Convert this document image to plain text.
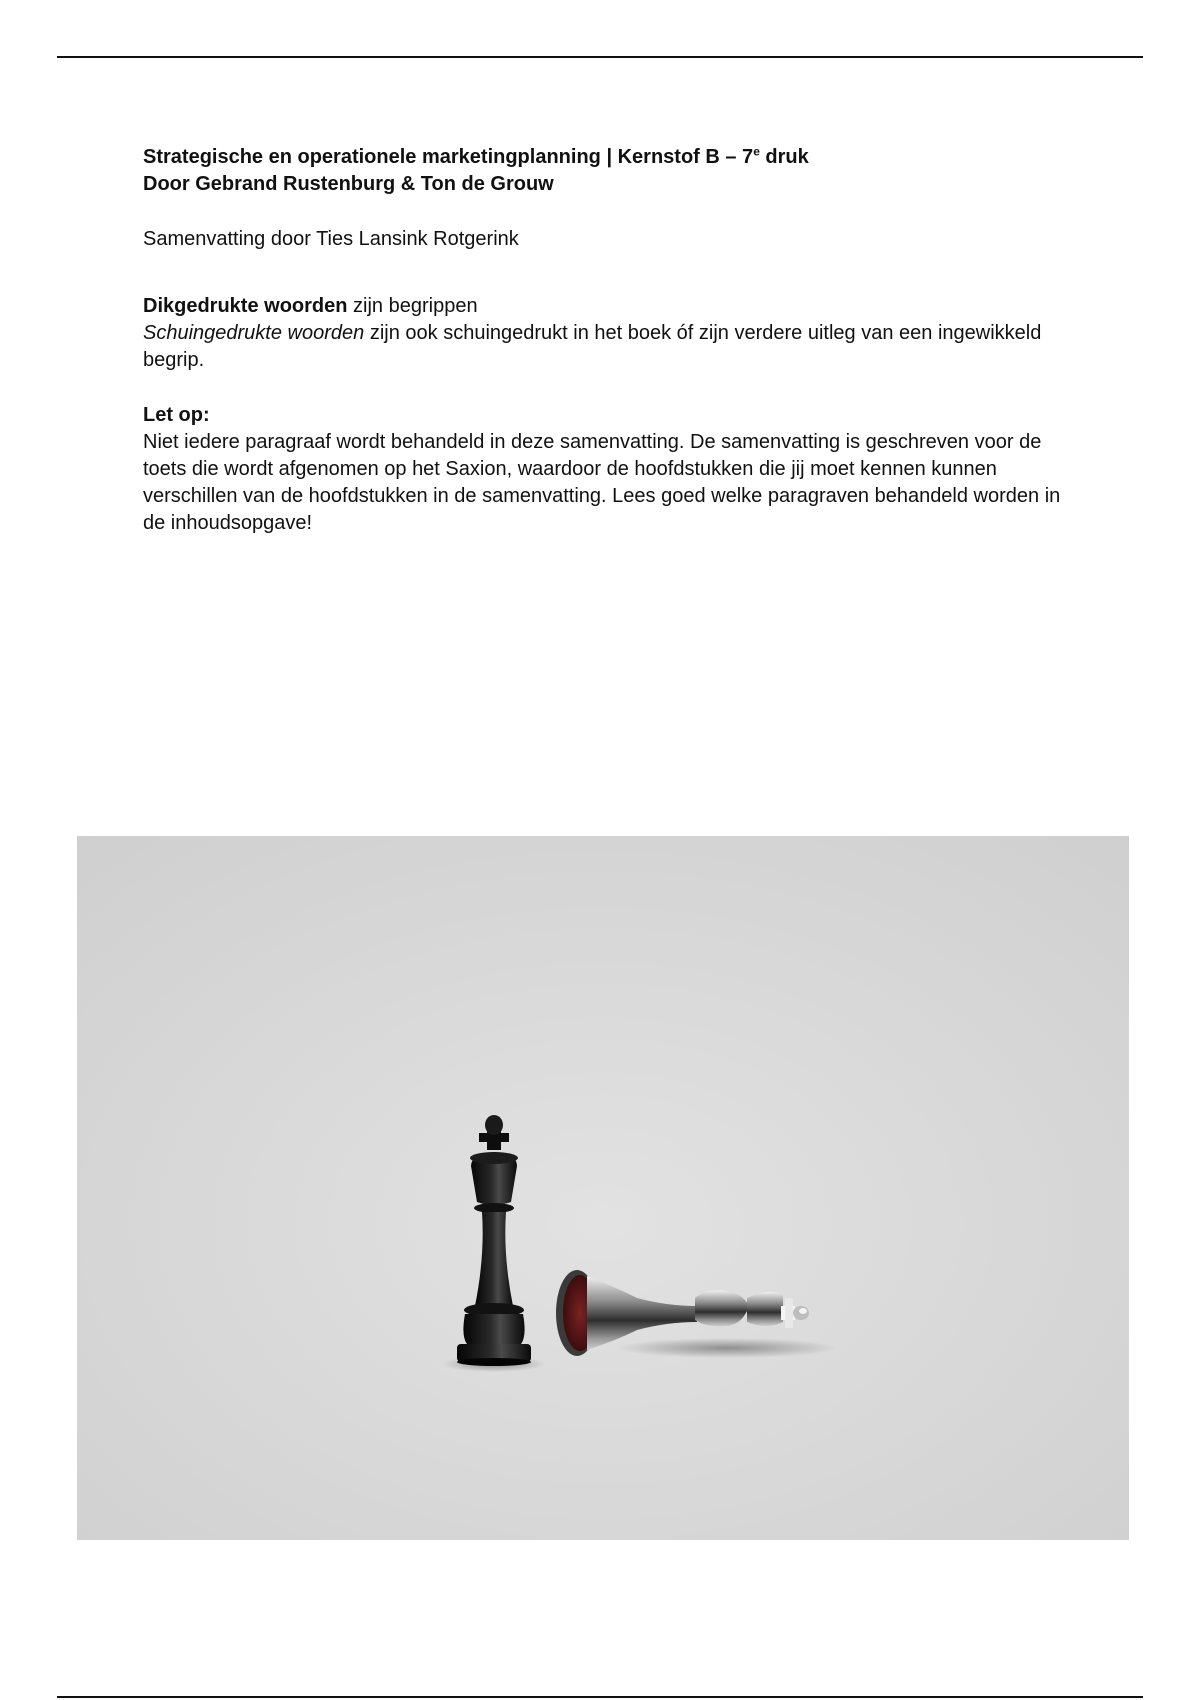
Strategische en operationele marketingplanning | Kernstof B – 7e druk

Door Gebrand Rustenburg & Ton de Grouw

Samenvatting door Ties Lansink Rotgerink

Dikgedrukte woorden zijn begrippen

Schuingedrukte woorden zijn ook schuingedrukt in het boek óf zijn verdere uitleg van een ingewikkeld begrip.

Let op:

Niet iedere paragraaf wordt behandeld in deze samenvatting. De samenvatting is geschreven voor de toets die wordt afgenomen op het Saxion, waardoor de hoofdstukken die jij moet kennen kunnen verschillen van de hoofdstukken in de samenvatting. Lees goed welke paragraven behandeld worden in de inhoudsopgave!
